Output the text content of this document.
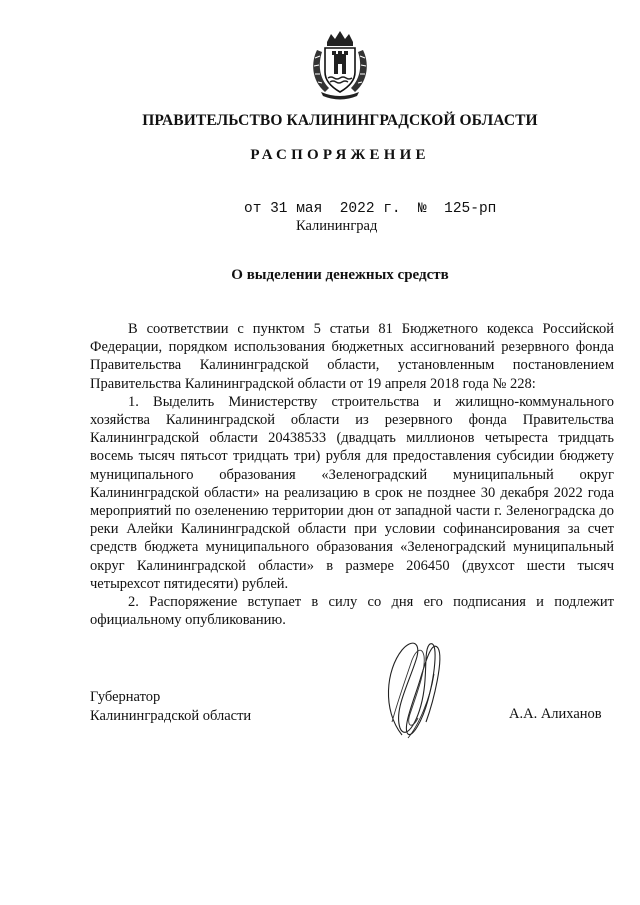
ПРАВИТЕЛЬСТВО КАЛИНИНГРАДСКОЙ ОБЛАСТИ
РАСПОРЯЖЕНИЕ
от 31 мая  2022 г.  №  125-рп
Калининград
О выделении денежных средств

В соответствии с пунктом 5 статьи 81 Бюджетного кодекса Российской Федерации, порядком использования бюджетных ассигнований резервного фонда Правительства Калининградской области, установленным постановлением Правительства Калининградской области от 19 апреля 2018 года № 228:

1. Выделить Министерству строительства и жилищно-коммунального хозяйства Калининградской области из резервного фонда Правительства Калининградской области 20438533 (двадцать миллионов четыреста тридцать восемь тысяч пятьсот тридцать три) рубля для предоставления субсидии бюджету муниципального образования «Зеленоградский муниципальный округ Калининградской области» на реализацию в срок не позднее 30 декабря 2022 года мероприятий по озеленению территории дюн от западной части г. Зеленоградска до реки Алейки Калининградской области при условии софинансирования за счет средств бюджета муниципального образования «Зеленоградский муниципальный округ Калининградской области» в размере 206450 (двухсот шести тысяч четырехсот пятидесяти) рублей.

2. Распоряжение вступает в силу со дня его подписания и подлежит официальному опубликованию.

Губернатор
Калининградской области	А.А. Алиханов
